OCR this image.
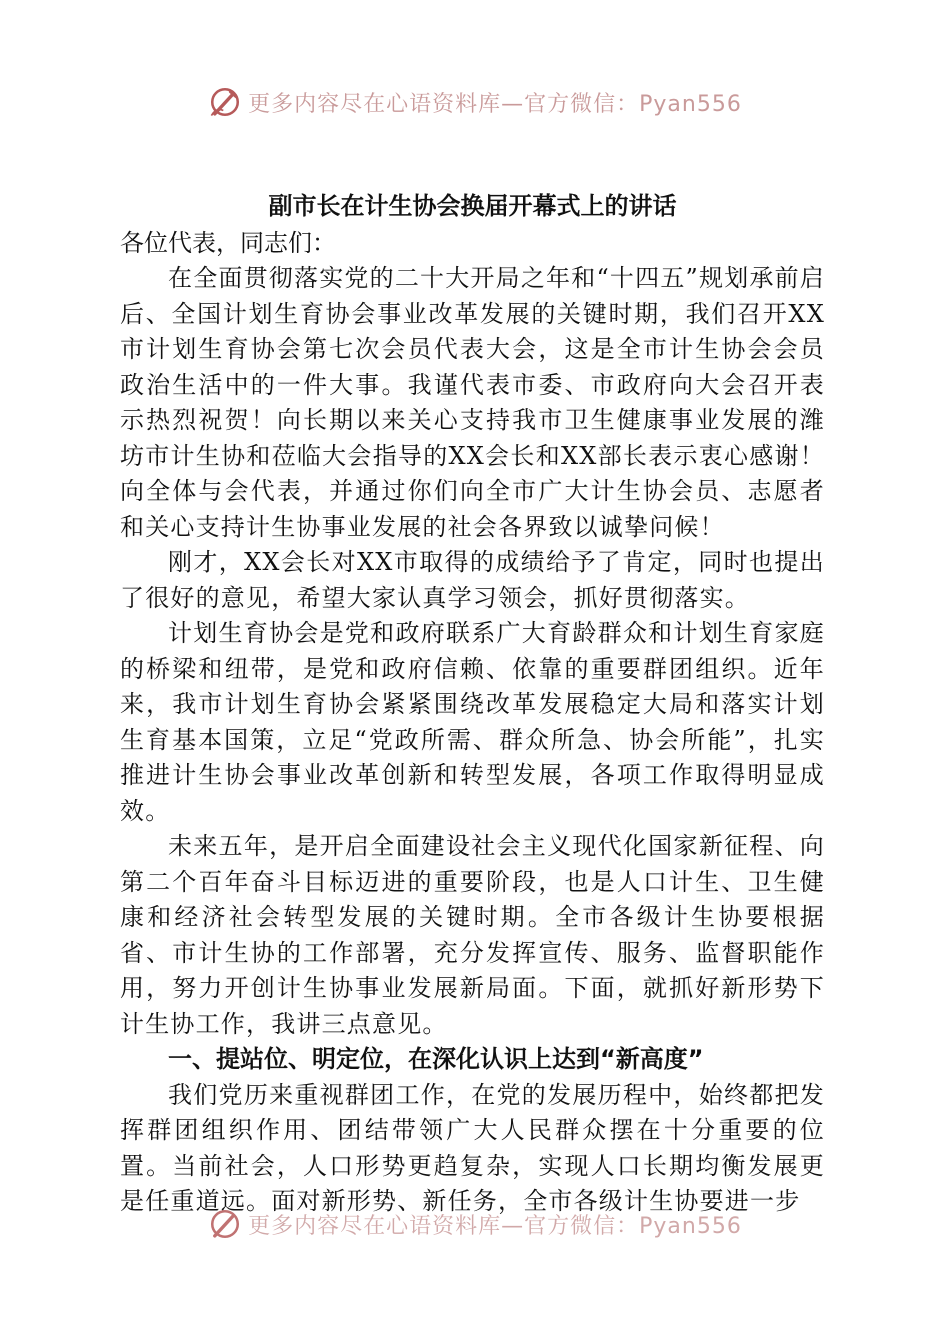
更多内容尽在心语资料库—官方微信：Pyan556
副市长在计生协会换届开幕式上的讲话

各位代表，同志们：

在全面贯彻落实党的二十大开局之年和“十四五”规划承前启后、全国计划生育协会事业改革发展的关键时期，我们召开XX市计划生育协会第七次会员代表大会，这是全市计生协会会员政治生活中的一件大事。我谨代表市委、市政府向大会召开表示热烈祝贺！向长期以来关心支持我市卫生健康事业发展的潍坊市计生协和莅临大会指导的XX会长和XX部长表示衷心感谢！向全体与会代表，并通过你们向全市广大计生协会员、志愿者和关心支持计生协事业发展的社会各界致以诚挚问候！

刚才，XX会长对XX市取得的成绩给予了肯定，同时也提出了很好的意见，希望大家认真学习领会，抓好贯彻落实。

计划生育协会是党和政府联系广大育龄群众和计划生育家庭的桥梁和纽带，是党和政府信赖、依靠的重要群团组织。近年来，我市计划生育协会紧紧围绕改革发展稳定大局和落实计划生育基本国策，立足“党政所需、群众所急、协会所能”，扎实推进计生协会事业改革创新和转型发展，各项工作取得明显成效。

未来五年，是开启全面建设社会主义现代化国家新征程、向第二个百年奋斗目标迈进的重要阶段，也是人口计生、卫生健康和经济社会转型发展的关键时期。全市各级计生协要根据省、市计生协的工作部署，充分发挥宣传、服务、监督职能作用，努力开创计生协事业发展新局面。下面，就抓好新形势下计生协工作，我讲三点意见。

一、提站位、明定位，在深化认识上达到“新高度”

我们党历来重视群团工作，在党的发展历程中，始终都把发挥群团组织作用、团结带领广大人民群众摆在十分重要的位置。当前社会，人口形势更趋复杂，实现人口长期均衡发展更是任重道远。面对新形势、新任务，全市各级计生协要进一步

更多内容尽在心语资料库—官方微信：Pyan556
